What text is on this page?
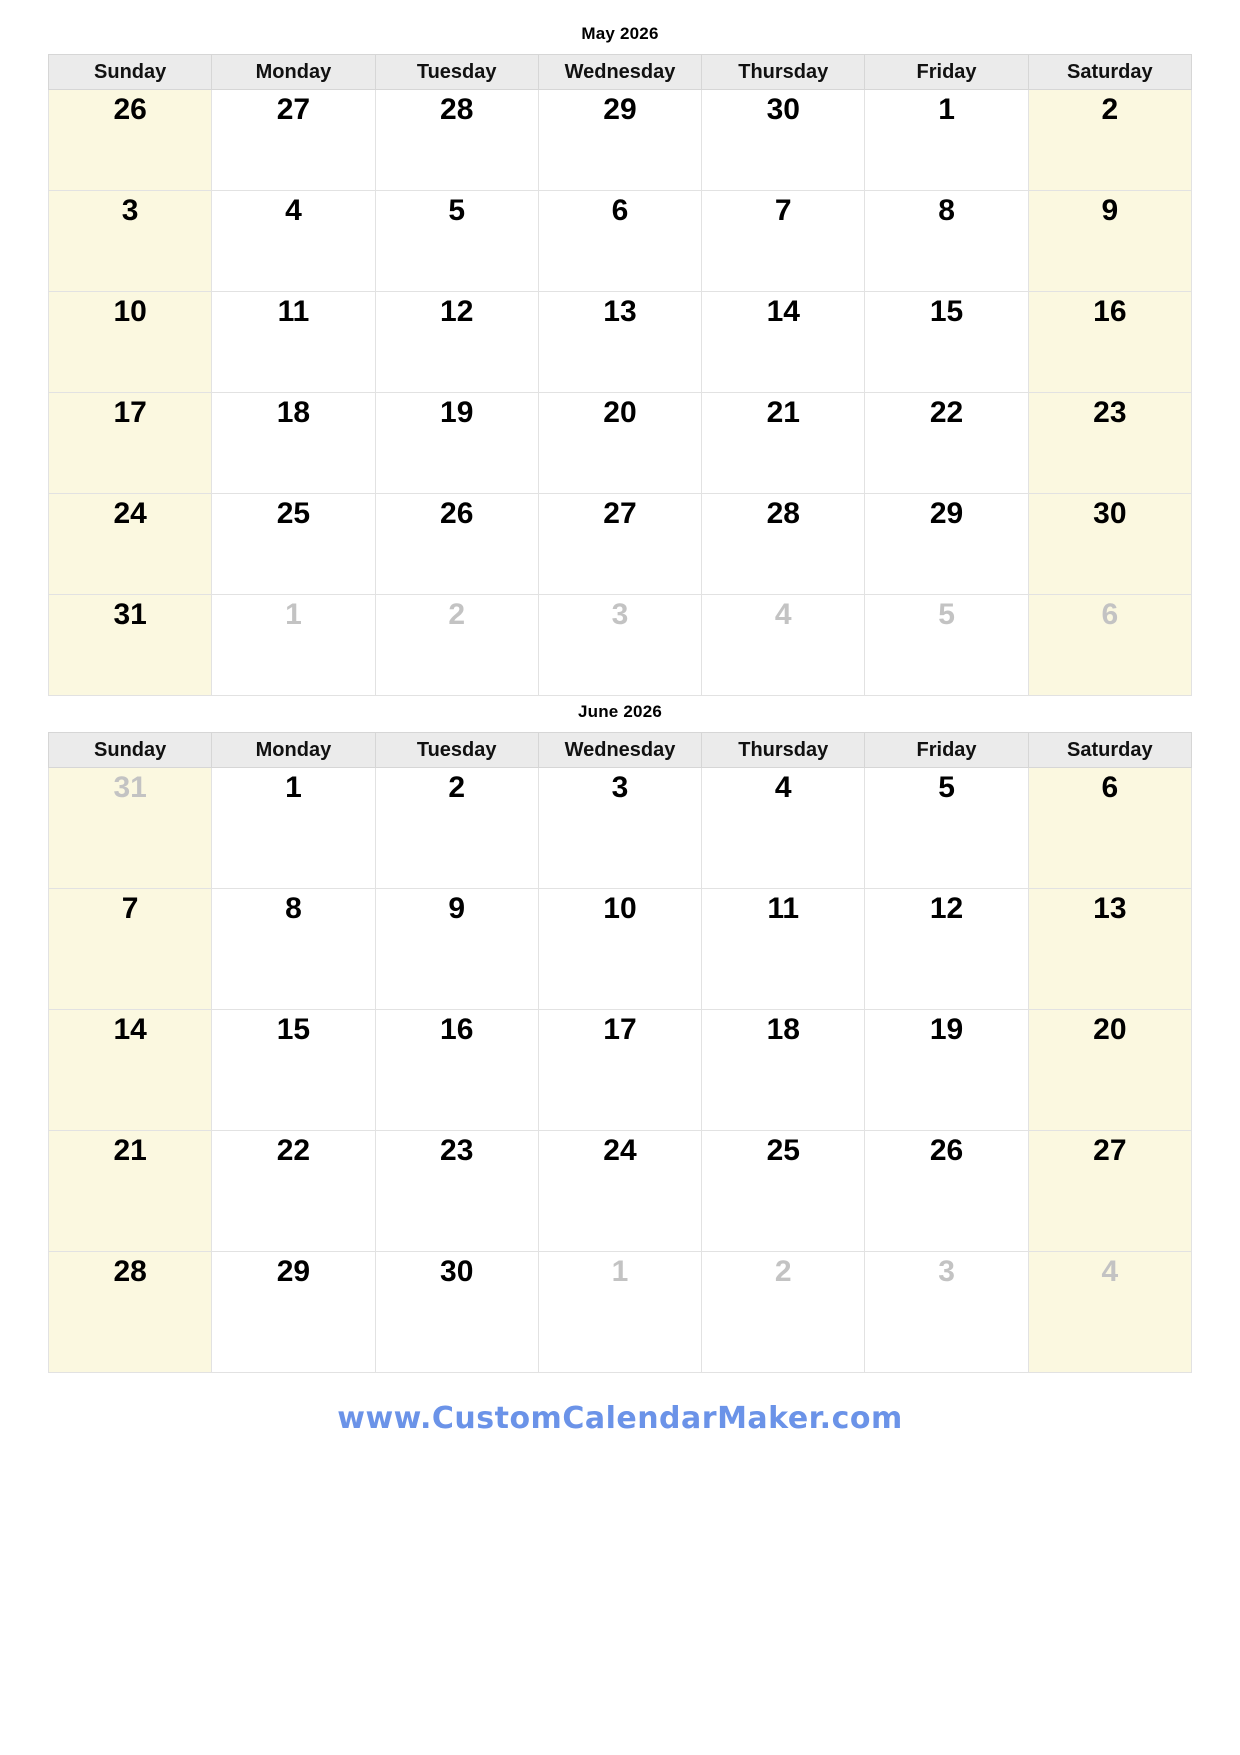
May 2026
Sunday	Monday	Tuesday	Wednesday	Thursday	Friday	Saturday

26	27	28	29	30	1	2

3	4	5	6	7	8	9

10	11	12	13	14	15	16

17	18	19	20	21	22	23

24	25	26	27	28	29	30

31	1	2	3	4	5	6
June 2026
Sunday	Monday	Tuesday	Wednesday	Thursday	Friday	Saturday

31	1	2	3	4	5	6

7	8	9	10	11	12	13

14	15	16	17	18	19	20

21	22	23	24	25	26	27

28	29	30	1	2	3	4
www.CustomCalendarMaker.com
